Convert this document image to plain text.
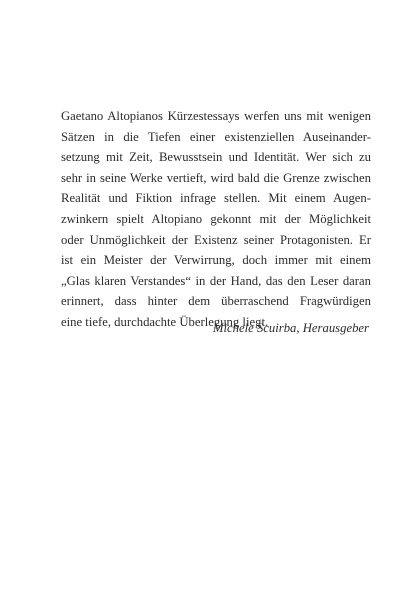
Gaetano Altopianos Kürzestessays werfen uns mit wenigen
Sätzen in die Tiefen einer existenziellen Auseinander-
setzung mit Zeit, Bewusstsein und Identität. Wer sich zu
sehr in seine Werke vertieft, wird bald die Grenze zwischen
Realität und Fiktion infrage stellen. Mit einem Augen-
zwinkern spielt Altopiano gekonnt mit der Möglichkeit
oder Unmöglichkeit der Existenz seiner Protagonisten. Er
ist ein Meister der Verwirrung, doch immer mit einem
„Glas klaren Verstandes“ in der Hand, das den Leser daran
erinnert, dass hinter dem überraschend Fragwürdigen
eine tiefe, durchdachte Überlegung liegt.
Michele Scuirba, Herausgeber
